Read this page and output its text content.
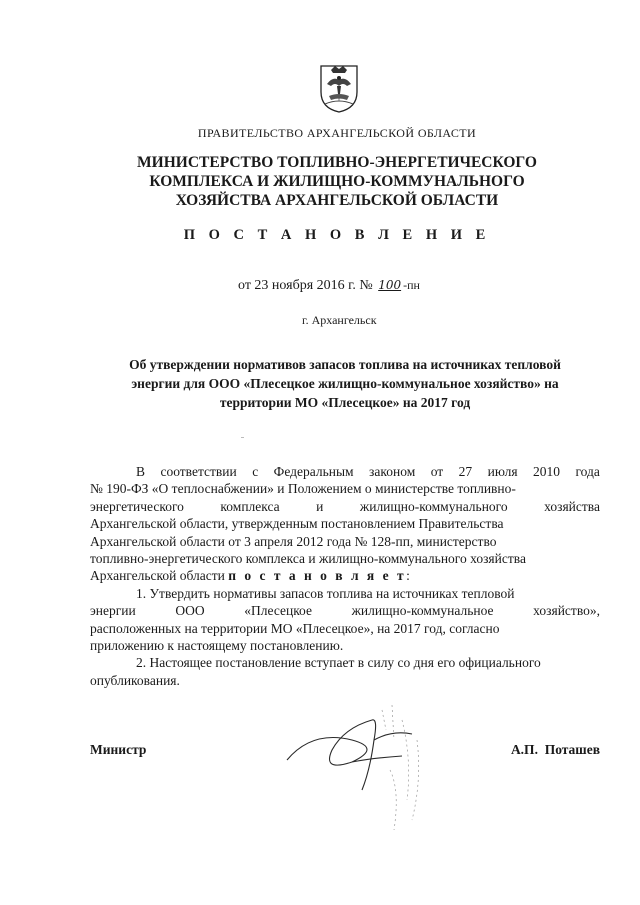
ПРАВИТЕЛЬСТВО АРХАНГЕЛЬСКОЙ ОБЛАСТИ
МИНИСТЕРСТВО ТОПЛИВНО-ЭНЕРГЕТИЧЕСКОГО
КОМПЛЕКСА И ЖИЛИЩНО-КОММУНАЛЬНОГО
ХОЗЯЙСТВА АРХАНГЕЛЬСКОЙ ОБЛАСТИ
П О С Т А Н О В Л Е Н И Е
от 23 ноября 2016 г. № 100 -пн
г. Архангельск
Об утверждении нормативов запасов топлива на источниках тепловой
энергии для ООО «Плесецкое жилищно-коммунальное хозяйство» на
территории МО «Плесецкое» на 2017 год
В соответствии с Федеральным законом от 27 июля 2010 года
№ 190-ФЗ «О теплоснабжении» и Положением о министерстве топливно-
энергетического	комплекса	и	жилищно-коммунального	хозяйства
Архангельской области, утвержденным постановлением Правительства
Архангельской области от 3 апреля 2012 года № 128-пп, министерство
топливно-энергетического комплекса и жилищно-коммунального хозяйства
Архангельской области п о с т а н о в л я е т :
1. Утвердить нормативы запасов топлива на источниках тепловой
энергии	ООО	«Плесецкое	жилищно-коммунальное	хозяйство»,
расположенных на территории МО «Плесецкое», на 2017 год, согласно
приложению к настоящему постановлению.
2. Настоящее постановление вступает в силу со дня его официального
опубликования.
Министр	А.П.  Поташев
